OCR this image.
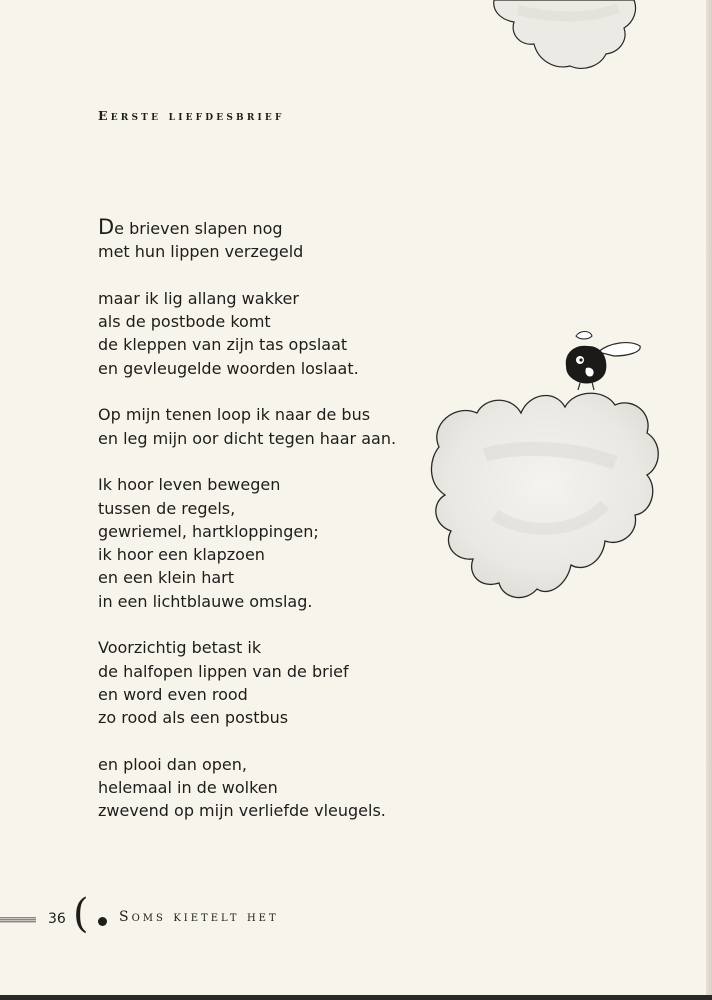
Eerste liefdesbrief

De brieven slapen nog
met hun lippen verzegeld

maar ik lig allang wakker
als de postbode komt
de kleppen van zijn tas opslaat
en gevleugelde woorden loslaat.

Op mijn tenen loop ik naar de bus
en leg mijn oor dicht tegen haar aan.

Ik hoor leven bewegen
tussen de regels,
gewriemel, hartkloppingen;
ik hoor een klapzoen
en een klein hart
in een lichtblauwe omslag.

Voorzichtig betast ik
de halfopen lippen van de brief
en word even rood
zo rood als een postbus

en plooi dan open,
helemaal in de wolken
zwevend op mijn verliefde vleugels.

36 ( Soms kietelt het
